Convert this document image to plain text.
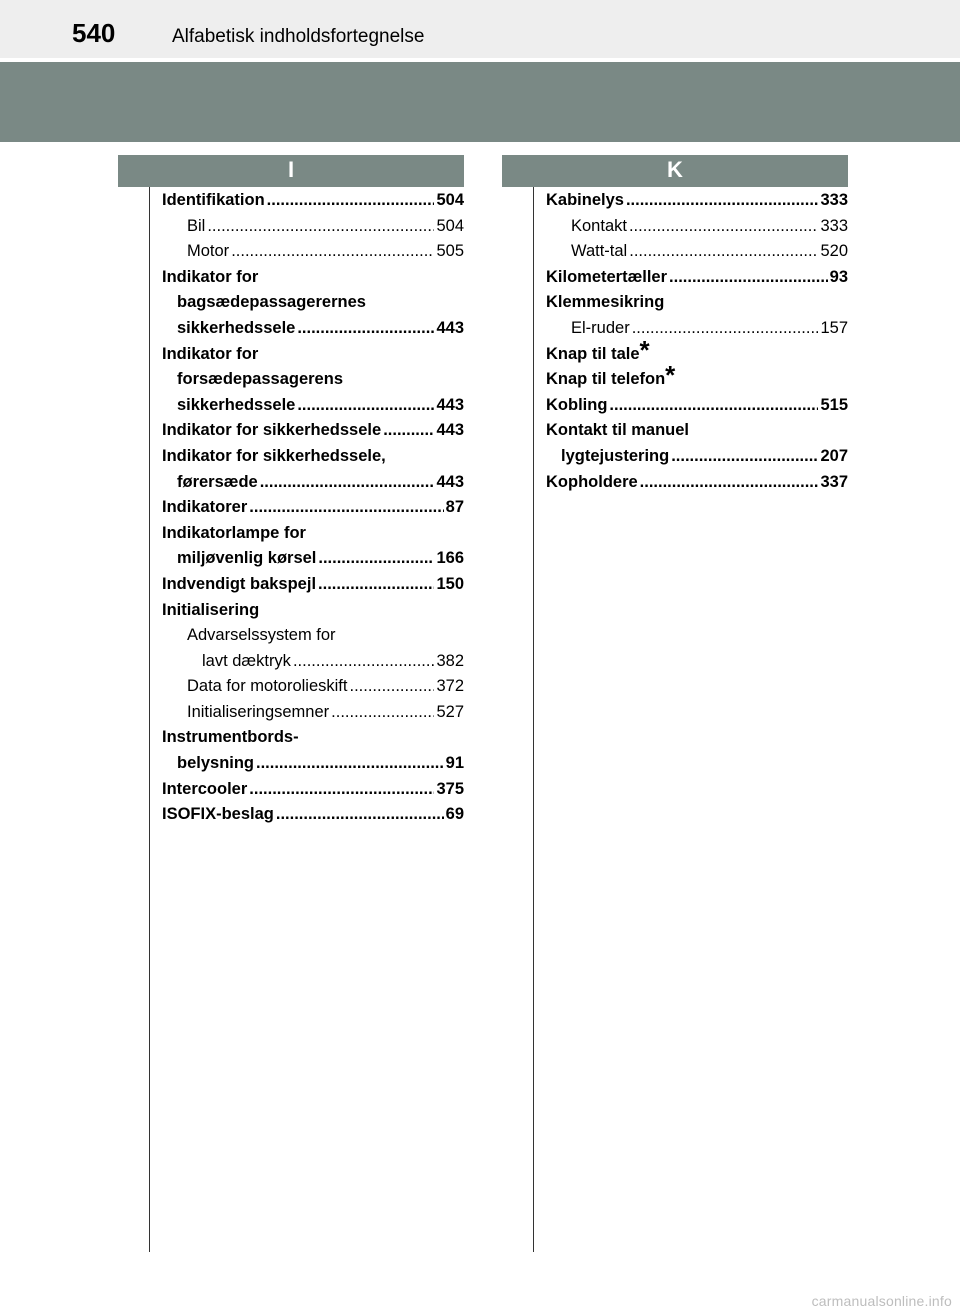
540	Alfabetisk indholdsfortegnelse
I	K
Identifikation .....	504
Bil .....	504
Motor .....	505
Indikator for
bagsædepassagerernes
sikkerhedssele .....	443
Indikator for
forsædepassagerens
sikkerhedssele .....	443
Indikator for sikkerhedssele .....	443
Indikator for sikkerhedssele,
førersæde .....	443
Indikatorer .....	87
Indikatorlampe for
miljøvenlig kørsel .....	166
Indvendigt bakspejl .....	150
Initialisering
Advarselssystem for
lavt dæktryk .....	382
Data for motorolieskift .....	372
Initialiseringsemner .....	527
Instrumentbords-
belysning .....	91
Intercooler .....	375
ISOFIX-beslag .....	69
Kabinelys .....	333
Kontakt .....	333
Watt-tal .....	520
Kilometertæller .....	93
Klemmesikring
El-ruder .....	157
Knap til tale *
Knap til telefon *
Kobling .....	515
Kontakt til manuel
lygtejustering .....	207
Kopholdere .....	337
carmanualsonline.info
